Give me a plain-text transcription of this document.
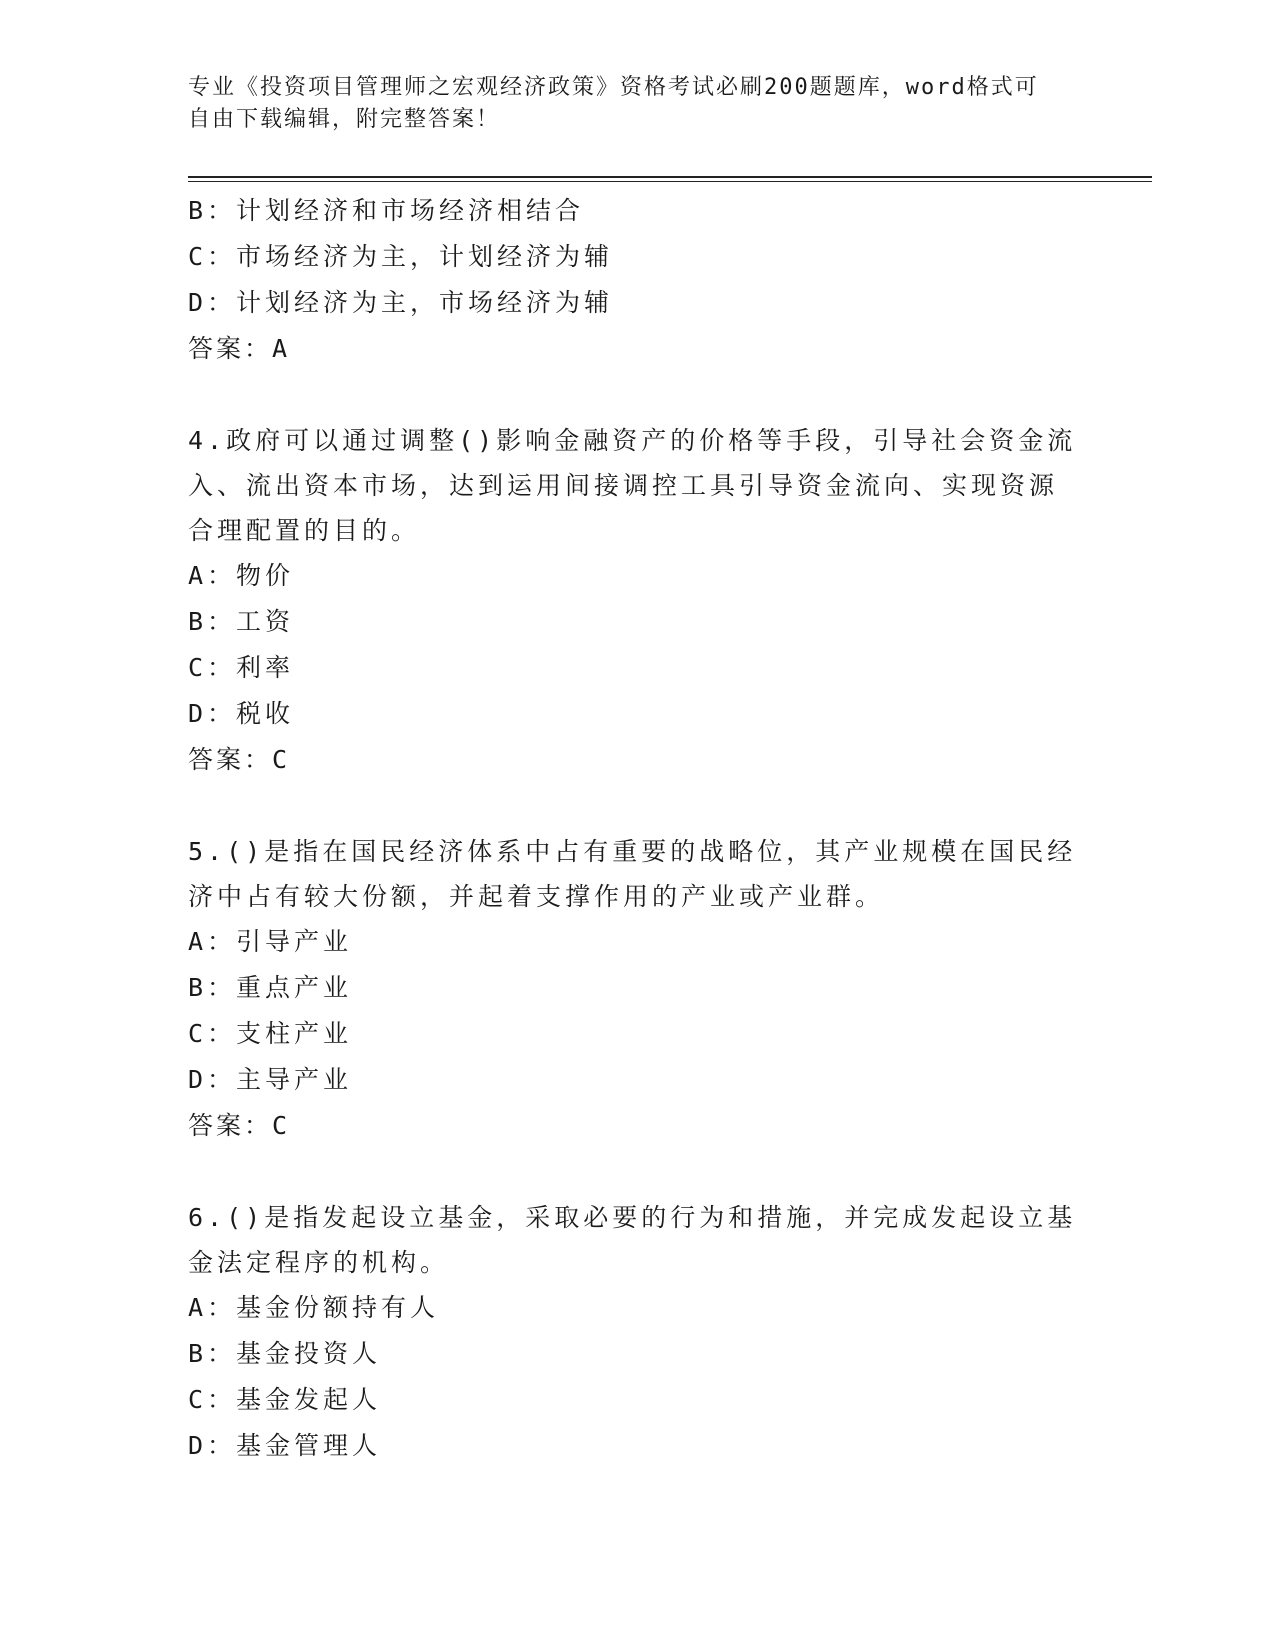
专业《投资项目管理师之宏观经济政策》资格考试必刷200题题库，word格式可
自由下载编辑，附完整答案！
B：计划经济和市场经济相结合
C：市场经济为主，计划经济为辅
D：计划经济为主，市场经济为辅
答案：A
4.政府可以通过调整()影响金融资产的价格等手段，引导社会资金流
入、流出资本市场，达到运用间接调控工具引导资金流向、实现资源
合理配置的目的。
A：物价
B：工资
C：利率
D：税收
答案：C
5.()是指在国民经济体系中占有重要的战略位，其产业规模在国民经
济中占有较大份额，并起着支撑作用的产业或产业群。
A：引导产业
B：重点产业
C：支柱产业
D：主导产业
答案：C
6.()是指发起设立基金，采取必要的行为和措施，并完成发起设立基
金法定程序的机构。
A：基金份额持有人
B：基金投资人
C：基金发起人
D：基金管理人
